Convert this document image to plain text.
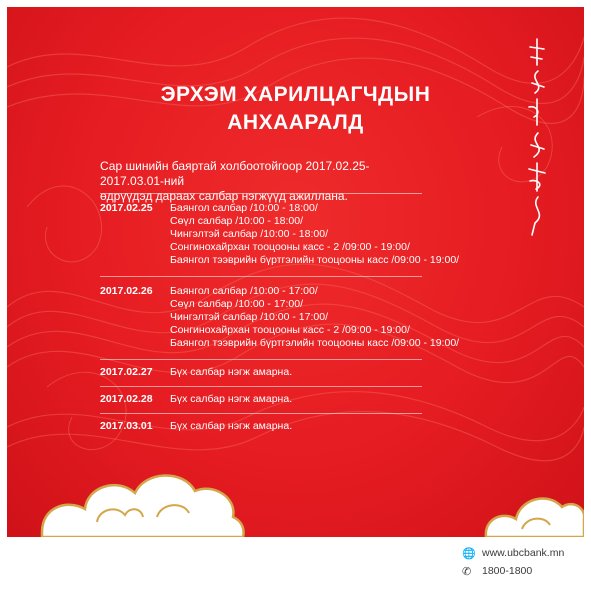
ЭРХЭМ ХАРИЛЦАГЧДЫН
АНХААРАЛД
Сар шинийн баяртай холбоотойгоор 2017.02.25-2017.03.01-ний
өдрүүдэд дараах салбар нэгжүүд ажиллана.
2017.02.25	Баянгол салбар /10:00 - 18:00/
Сөүл салбар /10:00 - 18:00/
Чингэлтэй салбар /10:00 - 18:00/
Сонгинохайрхан тооцооны касс - 2 /09:00 - 19:00/
Баянгол тээврийн бүртгэлийн тооцооны касс /09:00 - 19:00/
2017.02.26	Баянгол салбар /10:00 - 17:00/
Сөүл салбар /10:00 - 17:00/
Чингэлтэй салбар /10:00 - 17:00/
Сонгинохайрхан тооцооны касс - 2 /09:00 - 19:00/
Баянгол тээврийн бүртгэлийн тооцооны касс /09:00 - 19:00/
2017.02.27	Бүх салбар нэгж амарна.
2017.02.28	Бүх салбар нэгж амарна.
2017.03.01	Бүх салбар нэгж амарна.
🌐 www.ubcbank.mn
✆	1800-1800
